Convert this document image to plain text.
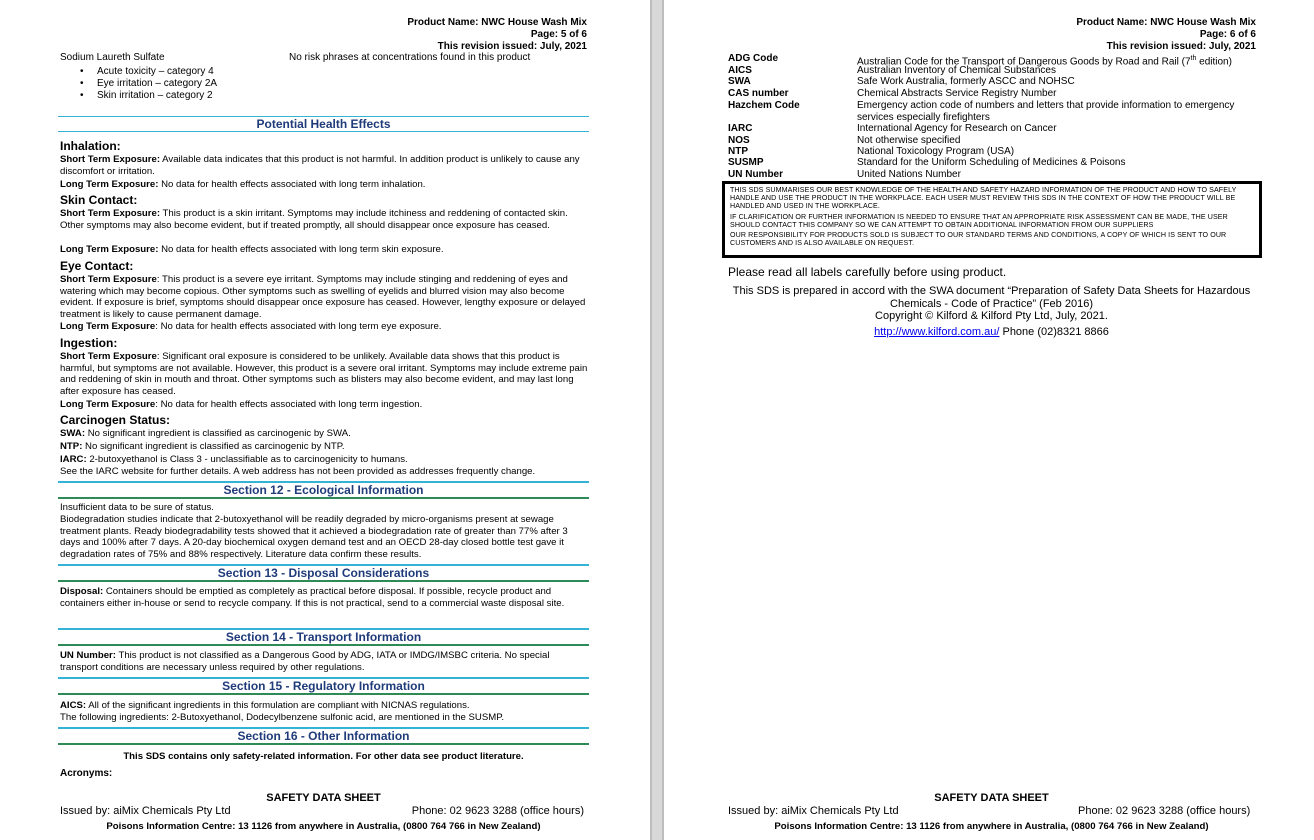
Product Name: NWC House Wash Mix
Page: 5 of 6
This revision issued: July, 2021
Sodium Laureth Sulfate	No risk phrases at concentrations found in this product
• Acute toxicity – category 4
• Eye irritation – category 2A
• Skin irritation – category 2
Potential Health Effects
Inhalation:
Short Term Exposure: Available data indicates that this product is not harmful. In addition product is unlikely to cause any discomfort or irritation.
Long Term Exposure: No data for health effects associated with long term inhalation.
Skin Contact:
Short Term Exposure: This product is a skin irritant. Symptoms may include itchiness and reddening of contacted skin. Other symptoms may also become evident, but if treated promptly, all should disappear once exposure has ceased.
Long Term Exposure: No data for health effects associated with long term skin exposure.
Eye Contact:
Short Term Exposure: This product is a severe eye irritant. Symptoms may include stinging and reddening of eyes and watering which may become copious. Other symptoms such as swelling of eyelids and blurred vision may also become evident. If exposure is brief, symptoms should disappear once exposure has ceased. However, lengthy exposure or delayed treatment is likely to cause permanent damage.
Long Term Exposure: No data for health effects associated with long term eye exposure.
Ingestion:
Short Term Exposure: Significant oral exposure is considered to be unlikely. Available data shows that this product is harmful, but symptoms are not available. However, this product is a severe oral irritant. Symptoms may include extreme pain and reddening of skin in mouth and throat. Other symptoms such as blisters may also become evident, and may last long after exposure has ceased.
Long Term Exposure: No data for health effects associated with long term ingestion.
Carcinogen Status:
SWA: No significant ingredient is classified as carcinogenic by SWA.
NTP: No significant ingredient is classified as carcinogenic by NTP.
IARC: 2-butoxyethanol is Class 3 - unclassifiable as to carcinogenicity to humans.
See the IARC website for further details. A web address has not been provided as addresses frequently change.
Section 12 - Ecological Information
Insufficient data to be sure of status.
Biodegradation studies indicate that 2-butoxyethanol will be readily degraded by micro-organisms present at sewage treatment plants. Ready biodegradability tests showed that it achieved a biodegradation rate of greater than 77% after 3 days and 100% after 7 days. A 20-day biochemical oxygen demand test and an OECD 28-day closed bottle test gave it degradation rates of 75% and 88% respectively. Literature data confirm these results.
Section 13 - Disposal Considerations
Disposal: Containers should be emptied as completely as practical before disposal. If possible, recycle product and containers either in-house or send to recycle company. If this is not practical, send to a commercial waste disposal site.
Section 14 - Transport Information
UN Number: This product is not classified as a Dangerous Good by ADG, IATA or IMDG/IMSBC criteria. No special transport conditions are necessary unless required by other regulations.
Section 15 - Regulatory Information
AICS: All of the significant ingredients in this formulation are compliant with NICNAS regulations.
The following ingredients: 2-Butoxyethanol, Dodecylbenzene sulfonic acid, are mentioned in the SUSMP.
Section 16 - Other Information
This SDS contains only safety-related information. For other data see product literature.
Acronyms:
SAFETY DATA SHEET
Issued by: aiMix Chemicals Pty Ltd	Phone: 02 9623 3288 (office hours)
Poisons Information Centre: 13 1126 from anywhere in Australia, (0800 764 766 in New Zealand)
Product Name: NWC House Wash Mix
Page: 6 of 6
This revision issued: July, 2021
ADG Code	Australian Code for the Transport of Dangerous Goods by Road and Rail (7th edition)
AICS	Australian Inventory of Chemical Substances
SWA	Safe Work Australia, formerly ASCC and NOHSC
CAS number	Chemical Abstracts Service Registry Number
Hazchem Code	Emergency action code of numbers and letters that provide information to emergency services especially firefighters
IARC	International Agency for Research on Cancer
NOS	Not otherwise specified
NTP	National Toxicology Program (USA)
SUSMP	Standard for the Uniform Scheduling of Medicines & Poisons
UN Number	United Nations Number

THIS SDS SUMMARISES OUR BEST KNOWLEDGE OF THE HEALTH AND SAFETY HAZARD INFORMATION OF THE PRODUCT AND HOW TO SAFELY HANDLE AND USE THE PRODUCT IN THE WORKPLACE. EACH USER MUST REVIEW THIS SDS IN THE CONTEXT OF HOW THE PRODUCT WILL BE HANDLED AND USED IN THE WORKPLACE.

IF CLARIFICATION OR FURTHER INFORMATION IS NEEDED TO ENSURE THAT AN APPROPRIATE RISK ASSESSMENT CAN BE MADE, THE USER SHOULD CONTACT THIS COMPANY SO WE CAN ATTEMPT TO OBTAIN ADDITIONAL INFORMATION FROM OUR SUPPLIERS

OUR RESPONSIBILITY FOR PRODUCTS SOLD IS SUBJECT TO OUR STANDARD TERMS AND CONDITIONS, A COPY OF WHICH IS SENT TO OUR CUSTOMERS AND IS ALSO AVAILABLE ON REQUEST.

Please read all labels carefully before using product.
This SDS is prepared in accord with the SWA document “Preparation of Safety Data Sheets for Hazardous Chemicals - Code of Practice” (Feb 2016)
Copyright © Kilford & Kilford Pty Ltd, July, 2021.
http://www.kilford.com.au/ Phone (02)8321 8866
SAFETY DATA SHEET
Issued by: aiMix Chemicals Pty Ltd	Phone: 02 9623 3288 (office hours)
Poisons Information Centre: 13 1126 from anywhere in Australia, (0800 764 766 in New Zealand)
